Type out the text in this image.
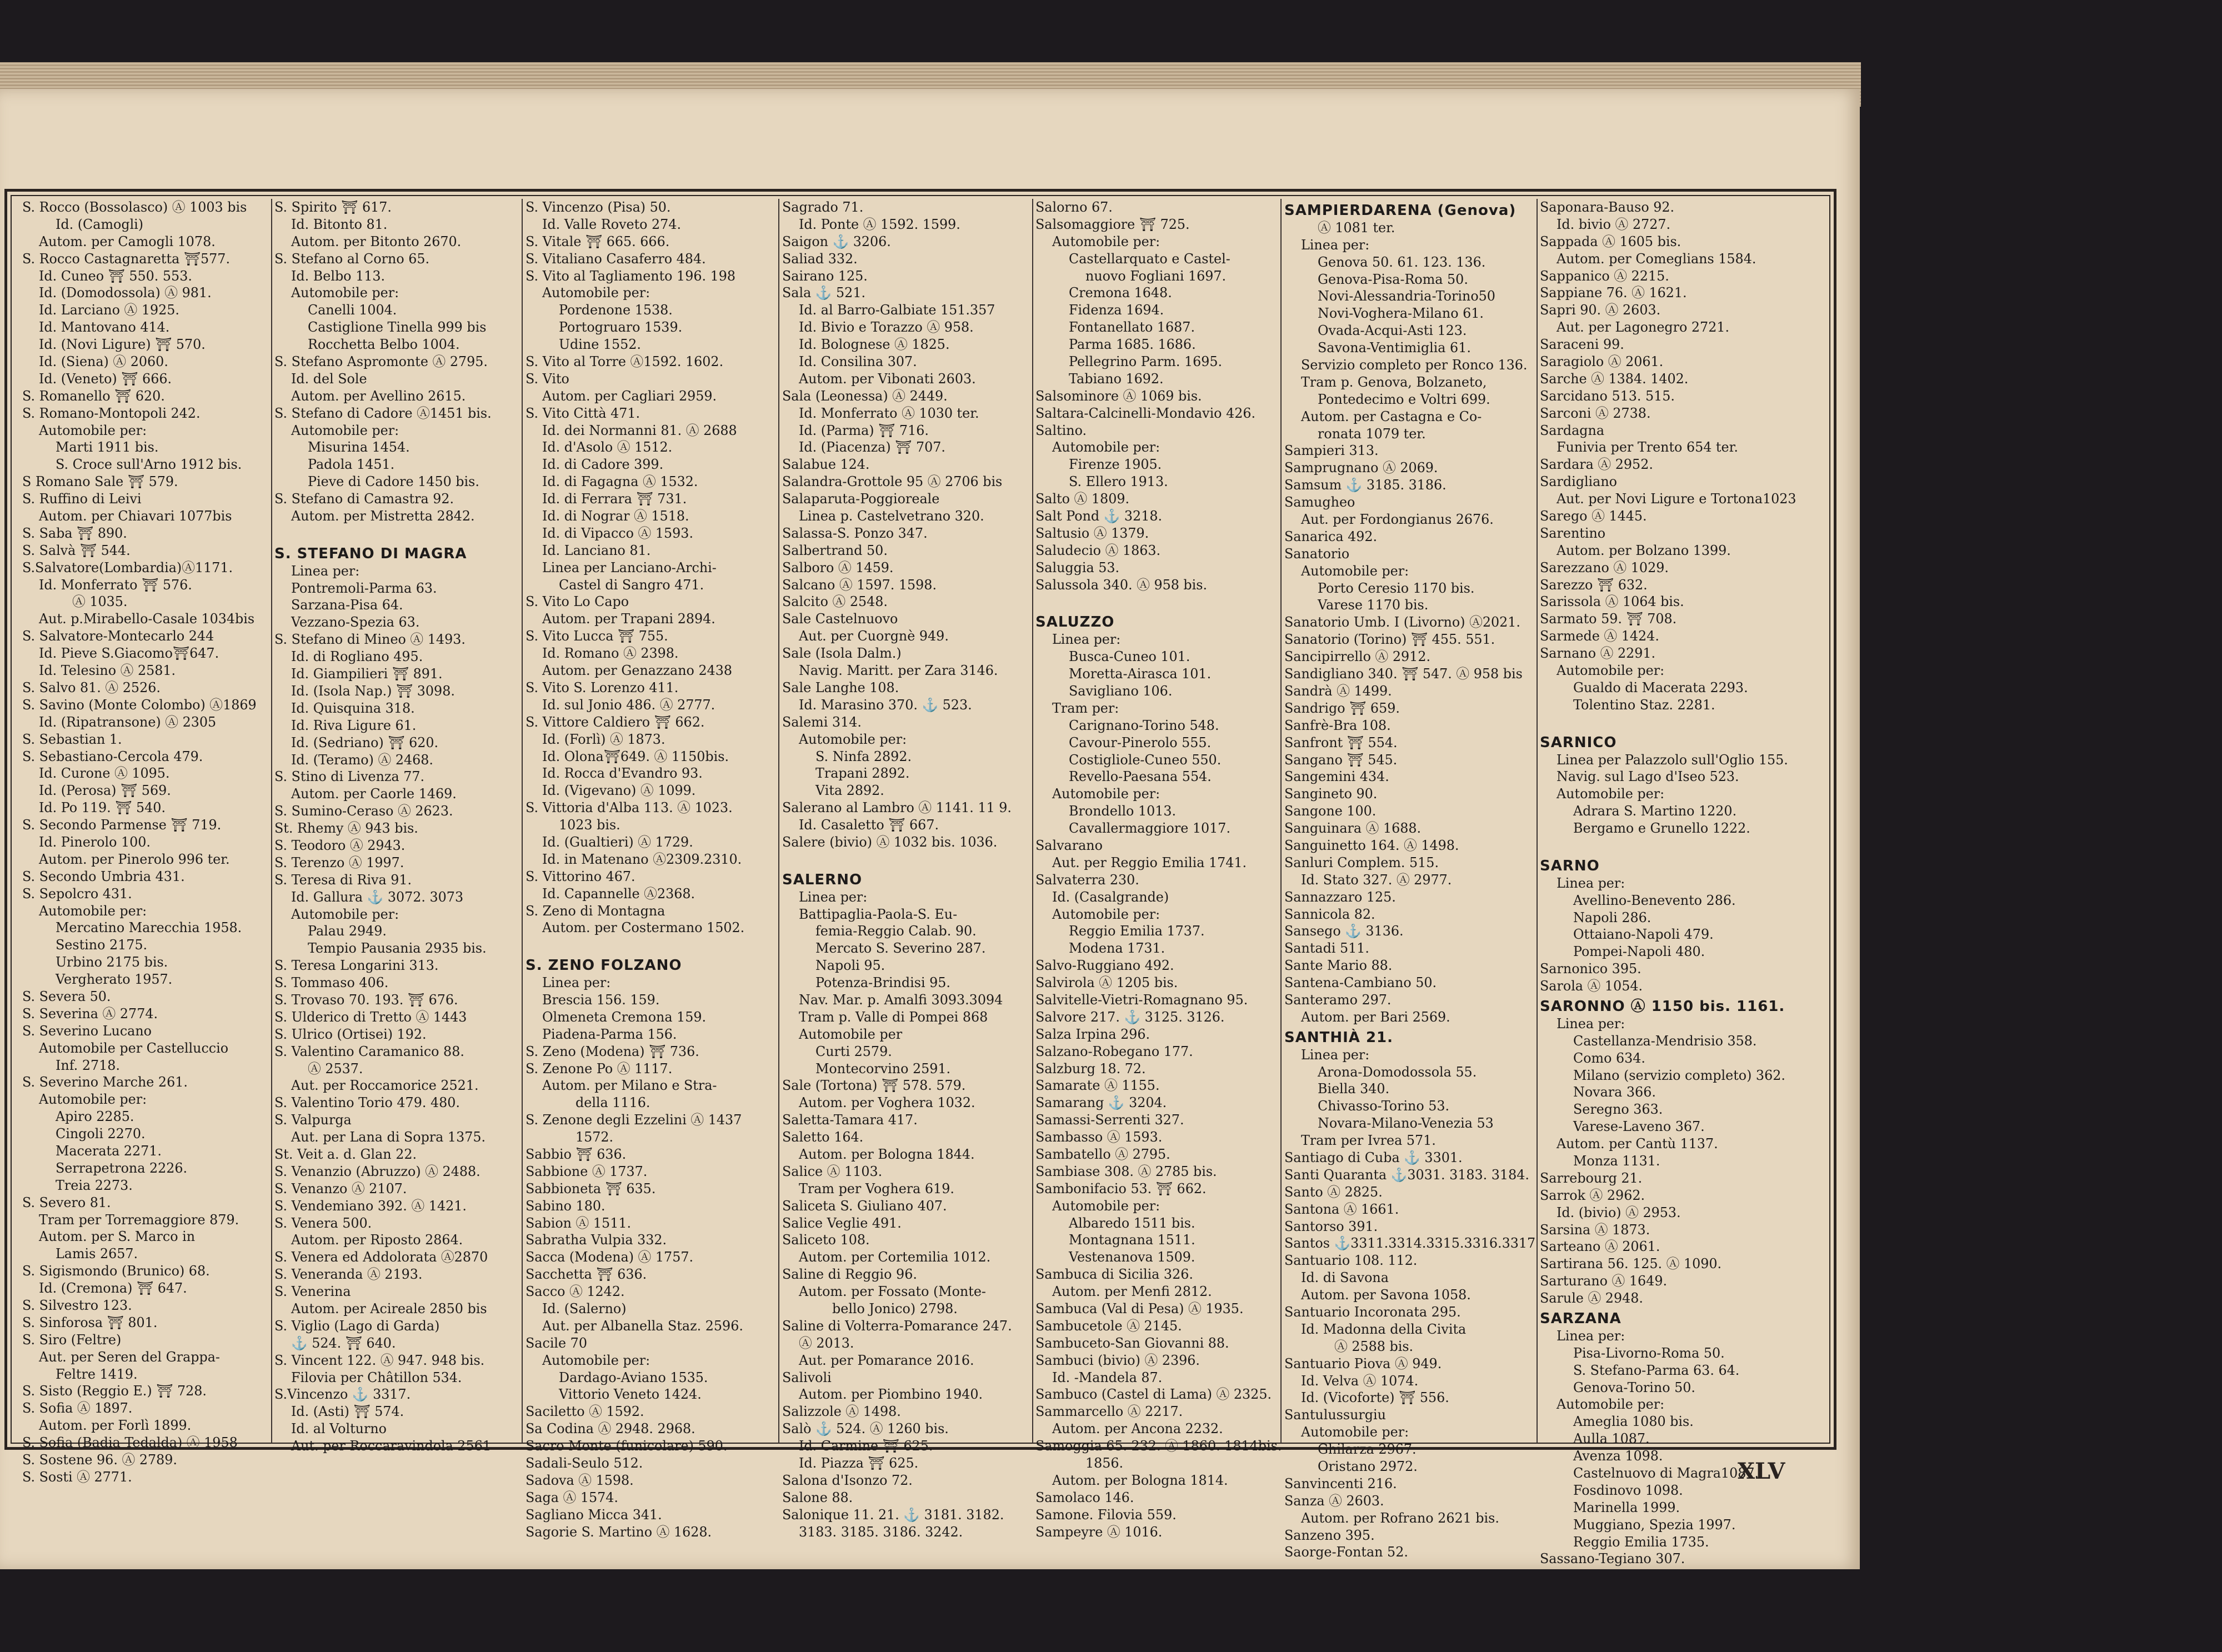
S. Rocco (Bossolasco) Ⓐ 1003 bis
Id. (Camogli)
Autom. per Camogli 1078.
S. Rocco Castagnaretta ⛩577.
Id. Cuneo ⛩ 550. 553.
Id. (Domodossola) Ⓐ 981.
Id. Larciano Ⓐ 1925.
Id. Mantovano 414.
Id. (Novi Ligure) ⛩ 570.
Id. (Siena) Ⓐ 2060.
Id. (Veneto) ⛩ 666.
S. Romanello ⛩ 620.
S. Romano-Montopoli 242.
Automobile per:
Marti 1911 bis.
S. Croce sull'Arno 1912 bis.
S Romano Sale ⛩ 579.
S. Ruffino di Leivi
Autom. per Chiavari 1077bis
S. Saba ⛩ 890.
S. Salvà ⛩ 544.
S.Salvatore(Lombardia)Ⓐ1171.
Id. Monferrato ⛩ 576.
Ⓐ 1035.
Aut. p.Mirabello-Casale 1034bis
S. Salvatore-Montecarlo 244
Id. Pieve S.Giacomo⛩647.
Id. Telesino Ⓐ 2581.
S. Salvo 81. Ⓐ 2526.
S. Savino (Monte Colombo) Ⓐ1869
Id. (Ripatransone) Ⓐ 2305
S. Sebastian 1.
S. Sebastiano-Cercola 479.
Id. Curone Ⓐ 1095.
Id. (Perosa) ⛩ 569.
Id. Po 119. ⛩ 540.
S. Secondo Parmense ⛩ 719.
Id. Pinerolo 100.
Autom. per Pinerolo 996 ter.
S. Secondo Umbria 431.
S. Sepolcro 431.
Automobile per:
Mercatino Marecchia 1958.
Sestino 2175.
Urbino 2175 bis.
Vergherato 1957.
S. Severa 50.
S. Severina Ⓐ 2774.
S. Severino Lucano
Automobile per Castelluccio
Inf. 2718.
S. Severino Marche 261.
Automobile per:
Apiro 2285.
Cingoli 2270.
Macerata 2271.
Serrapetrona 2226.
Treia 2273.
S. Severo 81.
Tram per Torremaggiore 879.
Autom. per S. Marco in
Lamis 2657.
S. Sigismondo (Brunico) 68.
Id. (Cremona) ⛩ 647.
S. Silvestro 123.
S. Sinforosa ⛩ 801.
S. Siro (Feltre)
Aut. per Seren del Grappa-
Feltre 1419.
S. Sisto (Reggio E.) ⛩ 728.
S. Sofia Ⓐ 1897.
Autom. per Forlì 1899.
S. Sofia (Badia Tedalda) Ⓐ 1958
S. Sostene 96. Ⓐ 2789.
S. Sosti Ⓐ 2771.
S. Spirito ⛩ 617.
Id. Bitonto 81.
Autom. per Bitonto 2670.
S. Stefano al Corno 65.
Id. Belbo 113.
Automobile per:
Canelli 1004.
Castiglione Tinella 999 bis
Rocchetta Belbo 1004.
S. Stefano Aspromonte Ⓐ 2795.
Id. del Sole
Autom. per Avellino 2615.
S. Stefano di Cadore Ⓐ1451 bis.
Automobile per:
Misurina 1454.
Padola 1451.
Pieve di Cadore 1450 bis.
S. Stefano di Camastra 92.
Autom. per Mistretta 2842.
S. STEFANO DI MAGRA
Linea per:
Pontremoli-Parma 63.
Sarzana-Pisa 64.
Vezzano-Spezia 63.
S. Stefano di Mineo Ⓐ 1493.
Id. di Rogliano 495.
Id. Giampilieri ⛩ 891.
Id. (Isola Nap.) ⛩ 3098.
Id. Quisquina 318.
Id. Riva Ligure 61.
Id. (Sedriano) ⛩ 620.
Id. (Teramo) Ⓐ 2468.
S. Stino di Livenza 77.
Autom. per Caorle 1469.
S. Sumino-Ceraso Ⓐ 2623.
St. Rhemy Ⓐ 943 bis.
S. Teodoro Ⓐ 2943.
S. Terenzo Ⓐ 1997.
S. Teresa di Riva 91.
Id. Gallura ⚓ 3072. 3073
Automobile per:
Palau 2949.
Tempio Pausania 2935 bis.
S. Teresa Longarini 313.
S. Tommaso 406.
S. Trovaso 70. 193. ⛩ 676.
S. Ulderico di Tretto Ⓐ 1443
S. Ulrico (Ortisei) 192.
S. Valentino Caramanico 88.
Ⓐ 2537.
Aut. per Roccamorice 2521.
S. Valentino Torio 479. 480.
S. Valpurga
Aut. per Lana di Sopra 1375.
St. Veit a. d. Glan 22.
S. Venanzio (Abruzzo) Ⓐ 2488.
S. Venanzo Ⓐ 2107.
S. Vendemiano 392. Ⓐ 1421.
S. Venera 500.
Autom. per Riposto 2864.
S. Venera ed Addolorata Ⓐ2870
S. Veneranda Ⓐ 2193.
S. Venerina
Autom. per Acireale 2850 bis
S. Viglio (Lago di Garda)
⚓ 524. ⛩ 640.
S. Vincent 122. Ⓐ 947. 948 bis.
Filovia per Châtillon 534.
S.Vincenzo ⚓ 3317.
Id. (Asti) ⛩ 574.
Id. al Volturno
Aut. per Roccaravindola 2561
S. Vincenzo (Pisa) 50.
Id. Valle Roveto 274.
S. Vitale ⛩ 665. 666.
S. Vitaliano Casaferro 484.
S. Vito al Tagliamento 196. 198
Automobile per:
Pordenone 1538.
Portogruaro 1539.
Udine 1552.
S. Vito al Torre Ⓐ1592. 1602.
S. Vito
Autom. per Cagliari 2959.
S. Vito Città 471.
Id. dei Normanni 81. Ⓐ 2688
Id. d'Asolo Ⓐ 1512.
Id. di Cadore 399.
Id. di Fagagna Ⓐ 1532.
Id. di Ferrara ⛩ 731.
Id. di Nograr Ⓐ 1518.
Id. di Vipacco Ⓐ 1593.
Id. Lanciano 81.
Linea per Lanciano-Archi-
Castel di Sangro 471.
S. Vito Lo Capo
Autom. per Trapani 2894.
S. Vito Lucca ⛩ 755.
Id. Romano Ⓐ 2398.
Autom. per Genazzano 2438
S. Vito S. Lorenzo 411.
Id. sul Jonio 486. Ⓐ 2777.
S. Vittore Caldiero ⛩ 662.
Id. (Forlì) Ⓐ 1873.
Id. Olona⛩649. Ⓐ 1150bis.
Id. Rocca d'Evandro 93.
Id. (Vigevano) Ⓐ 1099.
S. Vittoria d'Alba 113. Ⓐ 1023.
1023 bis.
Id. (Gualtieri) Ⓐ 1729.
Id. in Matenano Ⓐ2309.2310.
S. Vittorino 467.
Id. Capannelle Ⓐ2368.
S. Zeno di Montagna
Autom. per Costermano 1502.
S. ZENO FOLZANO
Linea per:
Brescia 156. 159.
Olmeneta Cremona 159.
Piadena-Parma 156.
S. Zeno (Modena) ⛩ 736.
S. Zenone Po Ⓐ 1117.
Autom. per Milano e Stra-
della 1116.
S. Zenone degli Ezzelini Ⓐ 1437
1572.
Sabbio ⛩ 636.
Sabbione Ⓐ 1737.
Sabbioneta ⛩ 635.
Sabino 180.
Sabion Ⓐ 1511.
Sabratha Vulpia 332.
Sacca (Modena) Ⓐ 1757.
Sacchetta ⛩ 636.
Sacco Ⓐ 1242.
Id. (Salerno)
Aut. per Albanella Staz. 2596.
Sacile 70
Automobile per:
Dardago-Aviano 1535.
Vittorio Veneto 1424.
Saciletto Ⓐ 1592.
Sa Codina Ⓐ 2948. 2968.
Sacro Monte (funicolare) 590.
Sadali-Seulo 512.
Sadova Ⓐ 1598.
Saga Ⓐ 1574.
Sagliano Micca 341.
Sagorie S. Martino Ⓐ 1628.
Sagrado 71.
Id. Ponte Ⓐ 1592. 1599.
Saigon ⚓ 3206.
Saliad 332.
Sairano 125.
Sala ⚓ 521.
Id. al Barro-Galbiate 151.357
Id. Bivio e Torazzo Ⓐ 958.
Id. Bolognese Ⓐ 1825.
Id. Consilina 307.
Autom. per Vibonati 2603.
Sala (Leonessa) Ⓐ 2449.
Id. Monferrato Ⓐ 1030 ter.
Id. (Parma) ⛩ 716.
Id. (Piacenza) ⛩ 707.
Salabue 124.
Salandra-Grottole 95 Ⓐ 2706 bis
Salaparuta-Poggioreale
Linea p. Castelvetrano 320.
Salassa-S. Ponzo 347.
Salbertrand 50.
Salboro Ⓐ 1459.
Salcano Ⓐ 1597. 1598.
Salcito Ⓐ 2548.
Sale Castelnuovo
Aut. per Cuorgnè 949.
Sale (Isola Dalm.)
Navig. Maritt. per Zara 3146.
Sale Langhe 108.
Id. Marasino 370. ⚓ 523.
Salemi 314.
Automobile per:
S. Ninfa 2892.
Trapani 2892.
Vita 2892.
Salerano al Lambro Ⓐ 1141. 11 9.
Id. Casaletto ⛩ 667.
Salere (bivio) Ⓐ 1032 bis. 1036.
SALERNO
Linea per:
Battipaglia-Paola-S. Eu-
femia-Reggio Calab. 90.
Mercato S. Severino 287.
Napoli 95.
Potenza-Brindisi 95.
Nav. Mar. p. Amalfi 3093.3094
Tram p. Valle di Pompei 868
Automobile per
Curti 2579.
Montecorvino 2591.
Sale (Tortona) ⛩ 578. 579.
Autom. per Voghera 1032.
Saletta-Tamara 417.
Saletto 164.
Autom. per Bologna 1844.
Salice Ⓐ 1103.
Tram per Voghera 619.
Saliceta S. Giuliano 407.
Salice Veglie 491.
Saliceto 108.
Autom. per Cortemilia 1012.
Saline di Reggio 96.
Autom. per Fossato (Monte-
bello Jonico) 2798.
Saline di Volterra-Pomarance 247.
Ⓐ 2013.
Aut. per Pomarance 2016.
Salivoli
Autom. per Piombino 1940.
Salizzole Ⓐ 1498.
Salò ⚓ 524. Ⓐ 1260 bis.
Id. Carmine ⛩ 625.
Id. Piazza ⛩ 625.
Salona d'Isonzo 72.
Salone 88.
Salonique 11. 21. ⚓ 3181. 3182.
3183. 3185. 3186. 3242.
Salorno 67.
Salsomaggiore ⛩ 725.
Automobile per:
Castellarquato e Castel-
nuovo Fogliani 1697.
Cremona 1648.
Fidenza 1694.
Fontanellato 1687.
Parma 1685. 1686.
Pellegrino Parm. 1695.
Tabiano 1692.
Salsominore Ⓐ 1069 bis.
Saltara-Calcinelli-Mondavio 426.
Saltino.
Automobile per:
Firenze 1905.
S. Ellero 1913.
Salto Ⓐ 1809.
Salt Pond ⚓ 3218.
Saltusio Ⓐ 1379.
Saludecio Ⓐ 1863.
Saluggia 53.
Salussola 340. Ⓐ 958 bis.
SALUZZO
Linea per:
Busca-Cuneo 101.
Moretta-Airasca 101.
Savigliano 106.
Tram per:
Carignano-Torino 548.
Cavour-Pinerolo 555.
Costigliole-Cuneo 550.
Revello-Paesana 554.
Automobile per:
Brondello 1013.
Cavallermaggiore 1017.
Salvarano
Aut. per Reggio Emilia 1741.
Salvaterra 230.
Id. (Casalgrande)
Automobile per:
Reggio Emilia 1737.
Modena 1731.
Salvo-Ruggiano 492.
Salvirola Ⓐ 1205 bis.
Salvitelle-Vietri-Romagnano 95.
Salvore 217. ⚓ 3125. 3126.
Salza Irpina 296.
Salzano-Robegano 177.
Salzburg 18. 72.
Samarate Ⓐ 1155.
Samarang ⚓ 3204.
Samassi-Serrenti 327.
Sambasso Ⓐ 1593.
Sambatello Ⓐ 2795.
Sambiase 308. Ⓐ 2785 bis.
Sambonifacio 53. ⛩ 662.
Automobile per:
Albaredo 1511 bis.
Montagnana 1511.
Vestenanova 1509.
Sambuca di Sicilia 326.
Autom. per Menfi 2812.
Sambuca (Val di Pesa) Ⓐ 1935.
Sambucetole Ⓐ 2145.
Sambuceto-San Giovanni 88.
Sambuci (bivio) Ⓐ 2396.
Id. -Mandela 87.
Sambuco (Castel di Lama) Ⓐ 2325.
Sammarcello Ⓐ 2217.
Autom. per Ancona 2232.
Samoggia 65. 232. Ⓐ 1860. 1814bis.
1856.
Autom. per Bologna 1814.
Samolaco 146.
Samone. Filovia 559.
Sampeyre Ⓐ 1016.
SAMPIERDARENA (Genova)
Ⓐ 1081 ter.
Linea per:
Genova 50. 61. 123. 136.
Genova-Pisa-Roma 50.
Novi-Alessandria-Torino50
Novi-Voghera-Milano 61.
Ovada-Acqui-Asti 123.
Savona-Ventimiglia 61.
Servizio completo per Ronco 136.
Tram p. Genova, Bolzaneto,
Pontedecimo e Voltri 699.
Autom. per Castagna e Co-
ronata 1079 ter.
Sampieri 313.
Samprugnano Ⓐ 2069.
Samsum ⚓ 3185. 3186.
Samugheo
Aut. per Fordongianus 2676.
Sanarica 492.
Sanatorio
Automobile per:
Porto Ceresio 1170 bis.
Varese 1170 bis.
Sanatorio Umb. I (Livorno) Ⓐ2021.
Sanatorio (Torino) ⛩ 455. 551.
Sancipirrello Ⓐ 2912.
Sandigliano 340. ⛩ 547. Ⓐ 958 bis
Sandrà Ⓐ 1499.
Sandrigo ⛩ 659.
Sanfrè-Bra 108.
Sanfront ⛩ 554.
Sangano ⛩ 545.
Sangemini 434.
Sangineto 90.
Sangone 100.
Sanguinara Ⓐ 1688.
Sanguinetto 164. Ⓐ 1498.
Sanluri Complem. 515.
Id. Stato 327. Ⓐ 2977.
Sannazzaro 125.
Sannicola 82.
Sansego ⚓ 3136.
Santadi 511.
Sante Mario 88.
Santena-Cambiano 50.
Santeramo 297.
Autom. per Bari 2569.
SANTHIÀ 21.
Linea per:
Arona-Domodossola 55.
Biella 340.
Chivasso-Torino 53.
Novara-Milano-Venezia 53
Tram per Ivrea 571.
Santiago di Cuba ⚓ 3301.
Santi Quaranta ⚓3031. 3183. 3184.
Santo Ⓐ 2825.
Santona Ⓐ 1661.
Santorso 391.
Santos ⚓3311.3314.3315.3316.3317
Santuario 108. 112.
Id. di Savona
Autom. per Savona 1058.
Santuario Incoronata 295.
Id. Madonna della Civita
Ⓐ 2588 bis.
Santuario Piova Ⓐ 949.
Id. Velva Ⓐ 1074.
Id. (Vicoforte) ⛩ 556.
Santulussurgiu
Automobile per:
Ghilarza 2967.
Oristano 2972.
Sanvincenti 216.
Sanza Ⓐ 2603.
Autom. per Rofrano 2621 bis.
Sanzeno 395.
Saorge-Fontan 52.
Saponara-Bauso 92.
Id. bivio Ⓐ 2727.
Sappada Ⓐ 1605 bis.
Autom. per Comeglians 1584.
Sappanico Ⓐ 2215.
Sappiane 76. Ⓐ 1621.
Sapri 90. Ⓐ 2603.
Aut. per Lagonegro 2721.
Saraceni 99.
Saragiolo Ⓐ 2061.
Sarche Ⓐ 1384. 1402.
Sarcidano 513. 515.
Sarconi Ⓐ 2738.
Sardagna
Funivia per Trento 654 ter.
Sardara Ⓐ 2952.
Sardigliano
Aut. per Novi Ligure e Tortona1023
Sarego Ⓐ 1445.
Sarentino
Autom. per Bolzano 1399.
Sarezzano Ⓐ 1029.
Sarezzo ⛩ 632.
Sarissola Ⓐ 1064 bis.
Sarmato 59. ⛩ 708.
Sarmede Ⓐ 1424.
Sarnano Ⓐ 2291.
Automobile per:
Gualdo di Macerata 2293.
Tolentino Staz. 2281.
SARNICO
Linea per Palazzolo sull'Oglio 155.
Navig. sul Lago d'Iseo 523.
Automobile per:
Adrara S. Martino 1220.
Bergamo e Grunello 1222.
SARNO
Linea per:
Avellino-Benevento 286.
Napoli 286.
Ottaiano-Napoli 479.
Pompei-Napoli 480.
Sarnonico 395.
Sarola Ⓐ 1054.
SARONNO Ⓐ 1150 bis. 1161.
Linea per:
Castellanza-Mendrisio 358.
Como 634.
Milano (servizio completo) 362.
Novara 366.
Seregno 363.
Varese-Laveno 367.
Autom. per Cantù 1137.
Monza 1131.
Sarrebourg 21.
Sarrok Ⓐ 2962.
Id. (bivio) Ⓐ 2953.
Sarsina Ⓐ 1873.
Sarteano Ⓐ 2061.
Sartirana 56. 125. Ⓐ 1090.
Sarturano Ⓐ 1649.
Sarule Ⓐ 2948.
SARZANA
Linea per:
Pisa-Livorno-Roma 50.
S. Stefano-Parma 63. 64.
Genova-Torino 50.
Automobile per:
Ameglia 1080 bis.
Aulla 1087.
Avenza 1098.
Castelnuovo di Magra1087.
Fosdinovo 1098.
Marinella 1999.
Muggiano, Spezia 1997.
Reggio Emilia 1735.
Sassano-Tegiano 307.
XLV
